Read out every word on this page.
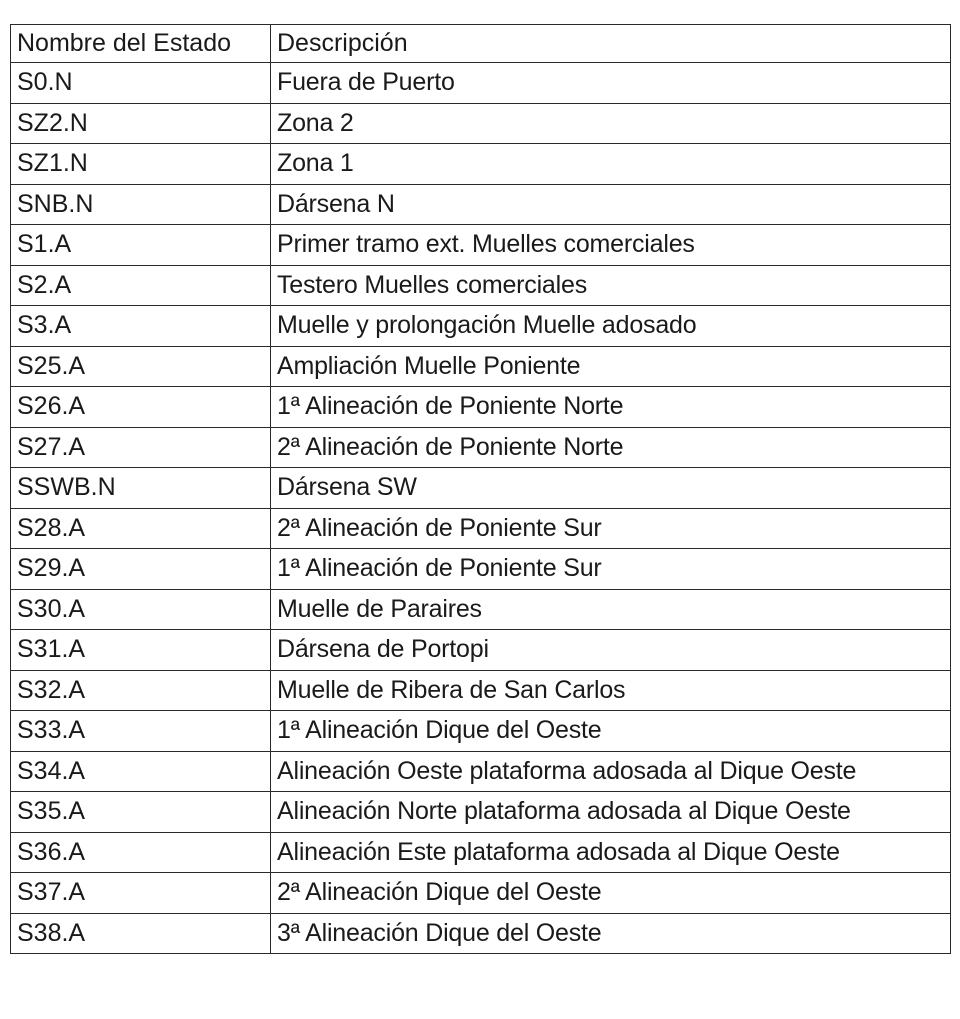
Nombre del Estado	Descripción
S0.N	Fuera de Puerto
SZ2.N	Zona 2
SZ1.N	Zona 1
SNB.N	Dársena N
S1.A	Primer tramo ext. Muelles comerciales
S2.A	Testero Muelles comerciales
S3.A	Muelle y prolongación Muelle adosado
S25.A	Ampliación Muelle Poniente
S26.A	1ª Alineación de Poniente Norte
S27.A	2ª Alineación de Poniente Norte
SSWB.N	Dársena SW
S28.A	2ª Alineación de Poniente Sur
S29.A	1ª Alineación de Poniente Sur
S30.A	Muelle de Paraires
S31.A	Dársena de Portopi
S32.A	Muelle de Ribera de San Carlos
S33.A	1ª Alineación Dique del Oeste
S34.A	Alineación Oeste plataforma adosada al Dique Oeste
S35.A	Alineación Norte plataforma adosada al Dique Oeste
S36.A	Alineación Este plataforma adosada al Dique Oeste
S37.A	2ª Alineación Dique del Oeste
S38.A	3ª Alineación Dique del Oeste
